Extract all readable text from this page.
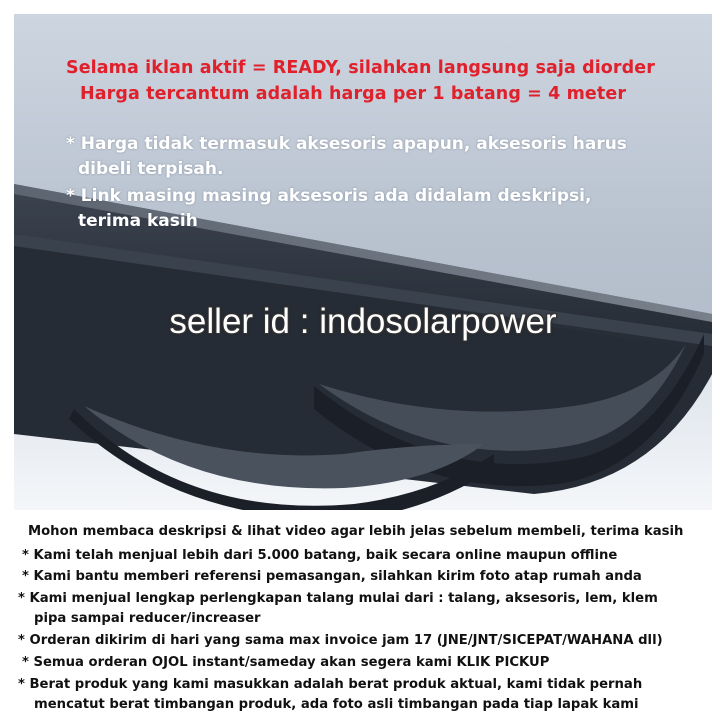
Selama iklan aktif = READY, silahkan langsung saja diorder
Harga tercantum adalah harga per 1 batang = 4 meter
* Harga tidak termasuk aksesoris apapun, aksesoris harus
dibeli terpisah.
* Link masing masing aksesoris ada didalam deskripsi,
terima kasih
seller id : indosolarpower
Mohon membaca deskripsi & lihat video agar lebih jelas sebelum membeli, terima kasih
* Kami telah menjual lebih dari 5.000 batang, baik secara online maupun offline
* Kami bantu memberi referensi pemasangan, silahkan kirim foto atap rumah anda
* Kami menjual lengkap perlengkapan talang mulai dari : talang, aksesoris, lem, klem
pipa sampai reducer/increaser
* Orderan dikirim di hari yang sama max invoice jam 17 (JNE/JNT/SICEPAT/WAHANA dll)
* Semua orderan OJOL instant/sameday akan segera kami KLIK PICKUP
* Berat produk yang kami masukkan adalah berat produk aktual, kami tidak pernah
mencatut berat timbangan produk, ada foto asli timbangan pada tiap lapak kami
